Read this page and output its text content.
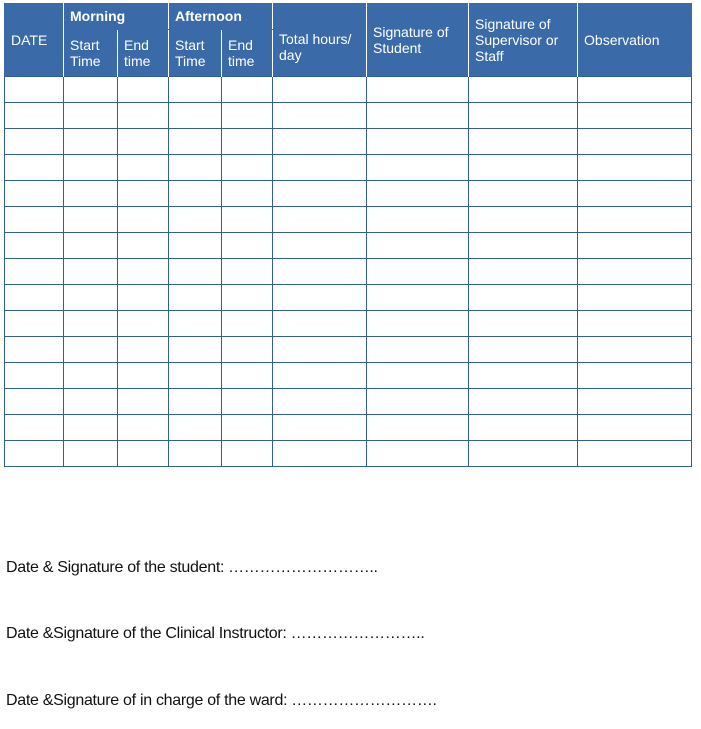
DATE	Morning		Afternoon		Total hours/ day	Signature of Student	Signature of Supervisor or Staff	Observation
	Start Time	End time	Start Time	End time				

Date & Signature of the student: ………………………..
Date &Signature of the Clinical Instructor: ……………………..
Date &Signature of in charge of the ward: ……………………….
